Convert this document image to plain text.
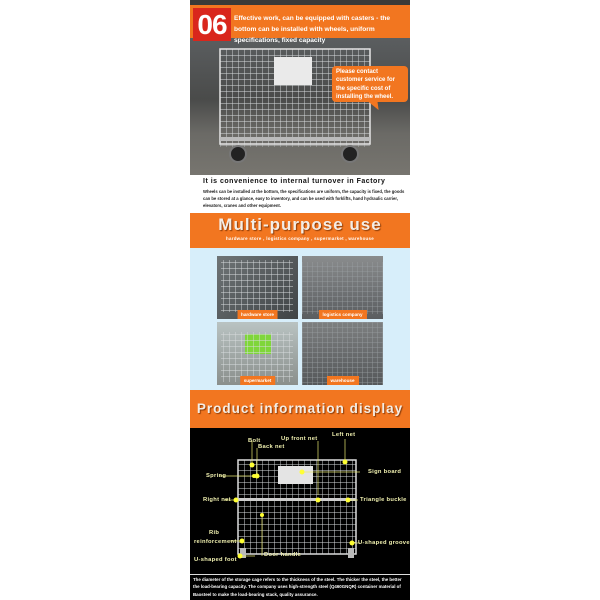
Please contact customer service for the specific cost of installing the wheel.
06	Effective work, can be equipped with casters - the bottom can be installed with wheels, uniform specifications, fixed capacity
It is convenience to internal turnover in Factory
Wheels can be installed at the bottom, the specifications are uniform, the capacity is fixed, the goods can be stored at a glance, easy to inventory, and can be used with forklifts, hand hydraulic carrier, elevators, cranes and other equipment.
Multi-purpose use
hardware store , logistics company , supermarket , warehouse
hardware store	logistics company
supermarket	warehouse
Product information display
Bolt
Back net
Up front net
Left net
Spring
Sign board
Right net	Triangle buckle
Rib
reinforcement	U-shaped groove
U-shaped foot
Door handle
The diameter of the storage cage refers to the thickness of the steel. The thicker the steel, the better the load-bearing capacity. The company uses high-strength steel (Q460GNQR) container material of Baosteel to make the load-bearing stack, quality assurance.
